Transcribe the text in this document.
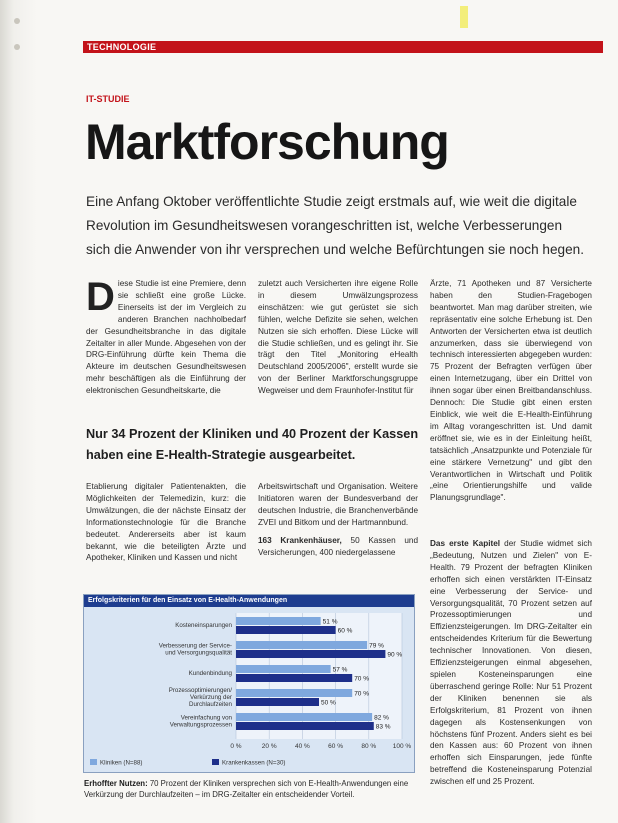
TECHNOLOGIE
IT-STUDIE
Marktforschung
Eine Anfang Oktober veröffentlichte Studie zeigt erstmals auf, wie weit die digitale Revolution im Gesundheitswesen vorangeschritten ist, welche Verbesserungen sich die Anwender von ihr versprechen und welche Befürchtungen sie noch hegen.
Diese Studie ist eine Premiere, denn sie schließt eine große Lücke. Einerseits ist der im Vergleich zu anderen Branchen nachholbedarf der Gesundheitsbranche in das digitale Zeitalter in aller Munde. Abgesehen von der DRG-Einführung dürfte kein Thema die Akteure im deutschen Gesundheitswesen mehr beschäftigen als die Einführung der elektronischen Gesundheitskarte, die

zuletzt auch Versicherten ihre eigene Rolle in diesem Umwälzungsprozess einschätzen: wie gut gerüstet sie sich fühlen, welche Defizite sie sehen, welchen Nutzen sie sich erhoffen. Diese Lücke will die Studie schließen, und es gelingt ihr. Sie trägt den Titel „Monitoring eHealth Deutschland 2005/2006", erstellt wurde sie von der Berliner Marktforschungsgruppe Wegweiser und dem Fraunhofer-Institut für

Nur 34 Prozent der Kliniken und 40 Prozent der Kassen haben eine E-Health-Strategie ausgearbeitet.

Etablierung digitaler Patientenakten, die Möglichkeiten der Telemedizin, kurz: die Umwälzungen, die der nächste Einsatz der Informationstechnologie für die Branche bedeutet. Andererseits aber ist kaum bekannt, wie die beteiligten Ärzte und Apotheker, Kliniken und Kassen und nicht

Arbeitswirtschaft und Organisation. Weitere Initiatoren waren der Bundesverband der deutschen Industrie, die Branchenverbände ZVEI und Bitkom und der Hartmannbund.

163 Krankenhäuser, 50 Kassen und Versicherungen, 400 niedergelassene

Ärzte, 71 Apotheken und 87 Versicherte haben den Studien-Fragebogen beantwortet. Man mag darüber streiten, wie repräsentativ eine solche Erhebung ist. Den Antworten der Versicherten etwa ist deutlich anzumerken, dass sie überwiegend von technisch interessierten abgegeben wurden: 75 Prozent der Befragten verfügen über einen Internetzugang, über ein Drittel von ihnen sogar über einen Breitbandanschluss. Dennoch: Die Studie gibt einen ersten Einblick, wie weit die E-Health-Einführung im Alltag vorangeschritten ist. Und damit eröffnet sie, wie es in der Einleitung heißt, tatsächlich „Ansatzpunkte und Potenziale für eine stärkere Vernetzung" und gibt den Verantwortlichen in Wirtschaft und Politik „eine Orientierungshilfe und valide Planungsgrundlage".

Das erste Kapitel der Studie widmet sich „Bedeutung, Nutzen und Zielen" von E-Health. 79 Prozent der befragten Kliniken erhoffen sich einen verstärkten IT-Einsatz eine Verbesserung der Service- und Versorgungsqualität, 70 Prozent setzen auf Prozessoptimierungen und Effizienzsteigerungen. Im DRG-Zeitalter ein entscheidendes Kriterium für die Bewertung technischer Innovationen. Von diesen, Effizienzsteigerungen einmal abgesehen, spielen Kosteneinsparungen eine überraschend geringe Rolle: Nur 51 Prozent der Kliniken benennen sie als Erfolgskriterium, 81 Prozent von ihnen dagegen als Kostensenkungen von höchstens fünf Prozent. Anders sieht es bei den Kassen aus: 60 Prozent von ihnen erhoffen sich Einsparungen, jede fünfte betreffend die Kosteneinsparung Potenzial zwischen elf und 25 Prozent.

Erfolgskriterien für den Einsatz von E-Health-Anwendungen
0 %	20 %	40 %	60 %	80 %	100 %
Kosteneinsparungen	51 %
60 %
Verbesserung der Service-und Versorgungsqualität
79 %
90 %
Kundenbindung	57 %
70 %
Prozessoptimierungen/ Verkürzung der Durchlaufzeiten
70 %
50 %
Vereinfachung von Verwaltungsprozessen
82 %
83 %
Kliniken (N=88)	Krankenkassen (N=30)
Erhoffter Nutzen: 70 Prozent der Kliniken versprechen sich von E-Health-Anwendungen eine Verkürzung der Durchlaufzeiten – im DRG-Zeitalter ein entscheidender Vorteil.
